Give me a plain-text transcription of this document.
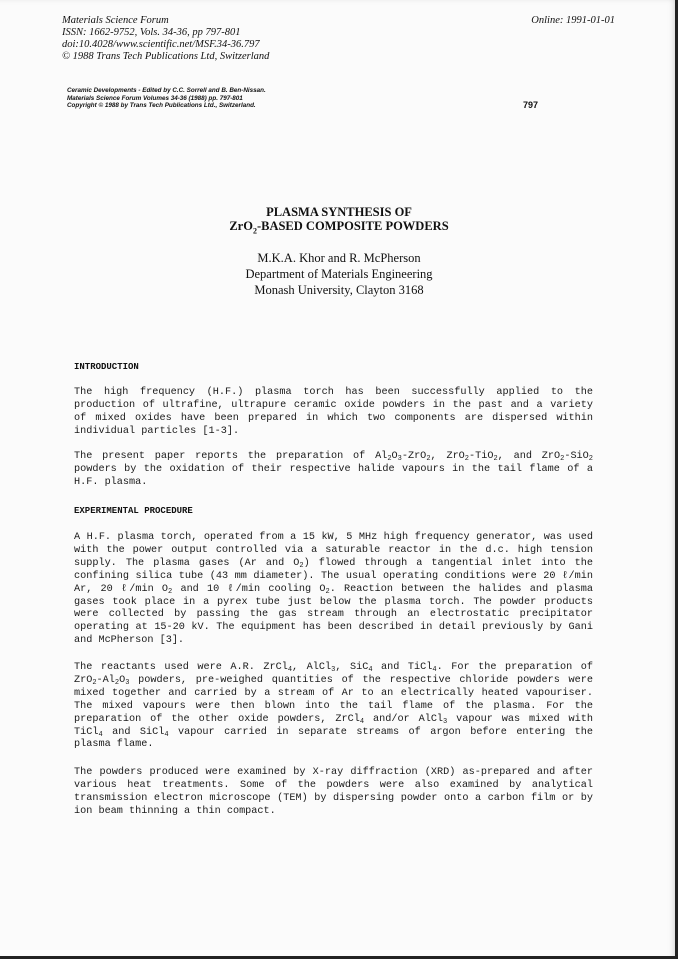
Materials Science Forum
ISSN: 1662-9752, Vols. 34-36, pp 797-801
doi:10.4028/www.scientific.net/MSF.34-36.797
© 1988 Trans Tech Publications Ltd, Switzerland
Online: 1991-01-01
Ceramic Developments - Edited by C.C. Sorrell and B. Ben-Nissan.
Materials Science Forum Volumes 34-36 (1988) pp. 797-801
Copyright © 1988 by Trans Tech Publications Ltd., Switzerland.	797
PLASMA SYNTHESIS OF
ZrO$_2$-BASED COMPOSITE POWDERS
M.K.A. Khor and R. McPherson
Department of Materials Engineering
Monash University, Clayton 3168
INTRODUCTION
The high frequency (H.F.) plasma torch has been successfully applied to the production of ultrafine, ultrapure ceramic oxide powders in the past and a variety of mixed oxides have been prepared in which two components are dispersed within individual particles [1-3].
The present paper reports the preparation of $Al_2O_3-ZrO_2$, ZrO$_2$-TiO$_2$, and ZrO$_2$-SiO$_2$ powders by the oxidation of their respective halide vapours in the tail flame of a H.F. plasma.
EXPERIMENTAL PROCEDURE
A H.F. plasma torch, operated from a 15 kW, 5 MHz high frequency generator, was used with the power output controlled via a saturable reactor in the d.c. high tension supply. The plasma gases (Ar and $O_2$) flowed through a tangential inlet into the confining silica tube (43 mm diameter). The usual operating conditions were 20 ℓ/min Ar, 20 ℓ/min $O_2$ and 10 ℓ/min cooling $O_2$. Reaction between the halides and plasma gases took place in a pyrex tube just below the plasma torch. The powder products were collected by passing the gas stream through an electrostatic precipitator operating at 15-20 kV. The equipment has been described in detail previously by Gani and McPherson [3].
The reactants used were A.R. ZrCl$_4$, AlCl$_3$, SiC$_4$ and TiCl$_4$. For the preparation of $ZrO_2-Al_2O_3$ powders, pre-weighed quantities of the respective chloride powders were mixed together and carried by a stream of Ar to an electrically heated vapouriser. The mixed vapours were then blown into the tail flame of the plasma. For the preparation of the other oxide powders, ZrCl$_4$ and/or AlCl$_3$ vapour was mixed with TiCl$_4$ and SiCl$_4$ vapour carried in separate streams of argon before entering the plasma flame.
The powders produced were examined by X-ray diffraction (XRD) as-prepared and after various heat treatments. Some of the powders were also examined by analytical transmission electron microscope (TEM) by dispersing powder onto a carbon film or by ion beam thinning a thin compact.
